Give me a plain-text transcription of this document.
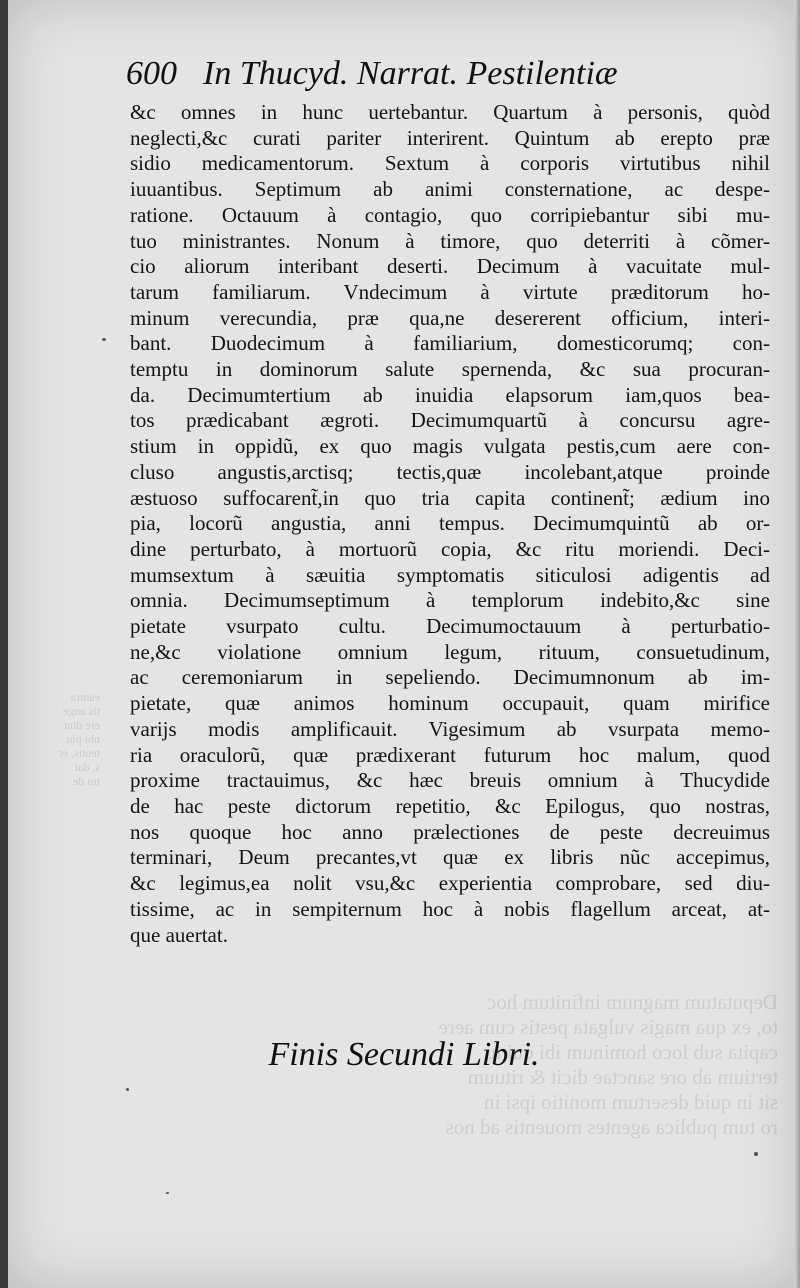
eantra
tis ange
ere dint
nbi plu
tentis, et
s, dat
tra de
Deputatum magnum infinitum hoc
to, ex qua magis vulgata pestis cum aere
capita sub loco hominum ibi qui tu
tertium ab ore sanctae dicit & rituum
sit in quid desertum monitio ipsi in
ro tum publica agentes mouentis ad nos
600 In Thucyd. Narrat. Pestilentiæ
&c omnes in hunc uertebantur. Quartum à personis, quòd
neglecti,&c curati pariter interirent. Quintum ab erepto præ
sidio medicamentorum. Sextum à corporis virtutibus nihil
iuuantibus. Septimum ab animi consternatione, ac despe-
ratione. Octauum à contagio, quo corripiebantur sibi mu-
tuo ministrantes. Nonum à timore, quo deterriti à cõmer-
cio aliorum interibant deserti. Decimum à vacuitate mul-
tarum familiarum. Vndecimum à virtute præditorum ho-
minum verecundia, præ qua,ne desererent officium, interi-
bant. Duodecimum à familiarium, domesticorumq; con-
temptu in dominorum salute spernenda, &c sua procuran-
da. Decimumtertium ab inuidia elapsorum iam,quos bea-
tos prædicabant ægroti. Decimumquartũ à concursu agre-
stium in oppidũ, ex quo magis vulgata pestis,cum aere con-
cluso angustis,arctisq; tectis,quæ incolebant,atque proinde
æstuoso suffocarent̃,in quo tria capita continent̃; ædium ino
pia, locorũ angustia, anni tempus. Decimumquintũ ab or-
dine perturbato, à mortuorũ copia, &c ritu moriendi. Deci-
mumsextum à sæuitia symptomatis siticulosi adigentis ad
omnia. Decimumseptimum à templorum indebito,&c sine
pietate vsurpato cultu. Decimumoctauum à perturbatio-
ne,&c violatione omnium legum, rituum, consuetudinum,
ac ceremoniarum in sepeliendo. Decimumnonum ab im-
pietate, quæ animos hominum occupauit, quam mirifice
varijs modis amplificauit. Vigesimum ab vsurpata memo-
ria oraculorũ, quæ prædixerant futurum hoc malum, quod
proxime tractauimus, &c hæc breuis omnium à Thucydide
de hac peste dictorum repetitio, &c Epilogus, quo nostras,
nos quoque hoc anno prælectiones de peste decreuimus
terminari, Deum precantes,vt quæ ex libris nũc accepimus,
&c legimus,ea nolit vsu,&c experientia comprobare, sed diu-
tissime, ac in sempiternum hoc à nobis flagellum arceat, at-
que auertat.
Finis Secundi Libri.
